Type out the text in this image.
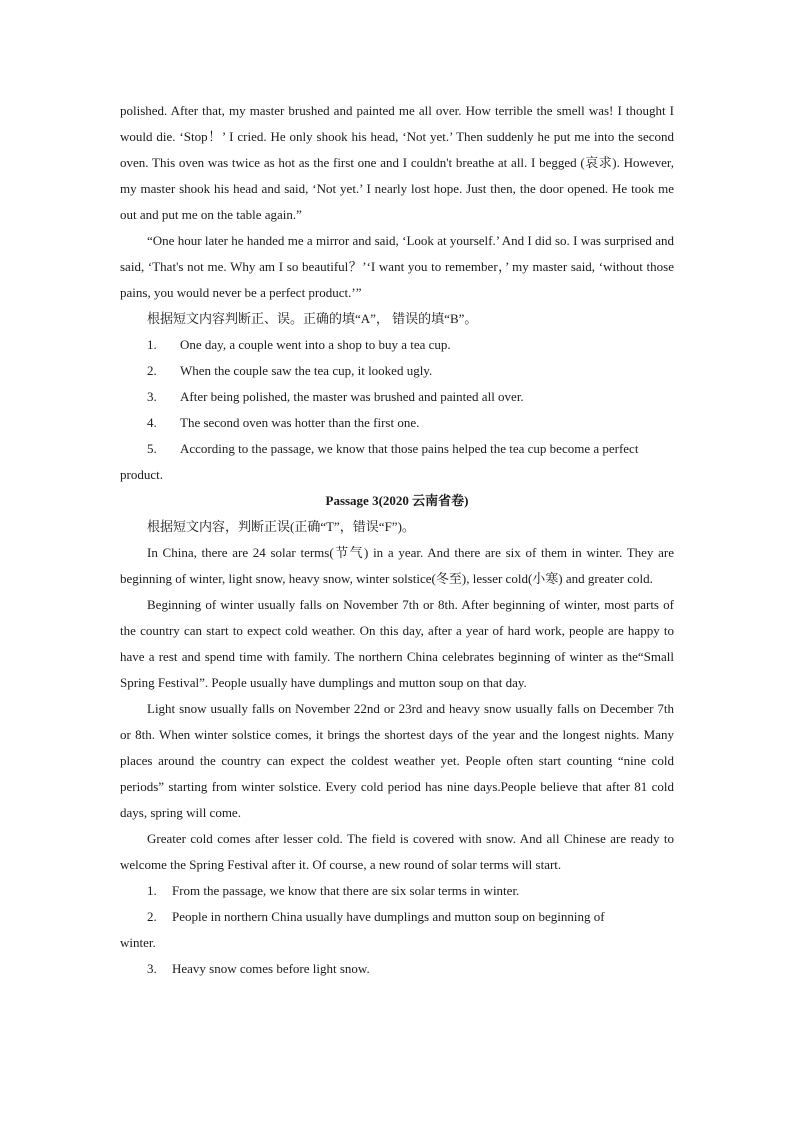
polished. After that, my master brushed and painted me all over. How terrible the smell was! I thought I would die. ‘Stop！’ I cried. He only shook his head, ‘Not yet.’ Then suddenly he put me into the second oven. This oven was twice as hot as the first one and I couldn't breathe at all. I begged (哀求). However, my master shook his head and said, ‘Not yet.’ I nearly lost hope. Just then, the door opened. He took me out and put me on the table again.”

“One hour later he handed me a mirror and said, ‘Look at yourself.’ And I did so. I was surprised and said, ‘That's not me. Why am I so beautiful？’‘I want you to remember，’ my master said, ‘without those pains, you would never be a perfect product.’”

根据短文内容判断正、误。正确的填“A”， 错误的填“B”。

1.	One day, a couple went into a shop to buy a tea cup.
2.	When the couple saw the tea cup, it looked ugly.
3.	After being polished, the master was brushed and painted all over.
4.	The second oven was hotter than the first one.
5.	According to the passage, we know that those pains helped the tea cup become a perfect

product.

Passage 3(2020 云南省卷)

根据短文内容，判断正误(正确“T”，错误“F”)。

In China, there are 24 solar terms(节气) in a year. And there are six of them in winter. They are beginning of winter, light snow, heavy snow, winter solstice(冬至), lesser cold(小寒) and greater cold.

Beginning of winter usually falls on November 7th or 8th. After beginning of winter, most parts of the country can start to expect cold weather. On this day, after a year of hard work, people are happy to have a rest and spend time with family. The northern China celebrates beginning of winter as the“Small Spring Festival”. People usually have dumplings and mutton soup on that day.

Light snow usually falls on November 22nd or 23rd and heavy snow usually falls on December 7th or 8th. When winter solstice comes, it brings the shortest days of the year and the longest nights. Many places around the country can expect the coldest weather yet. People often start counting “nine cold periods” starting from winter solstice. Every cold period has nine days.People believe that after 81 cold days, spring will come.

Greater cold comes after lesser cold. The field is covered with snow. And all Chinese are ready to welcome the Spring Festival after it. Of course, a new round of solar terms will start.

1.	From the passage, we know that there are six solar terms in winter.
2.	People in northern China usually have dumplings and mutton soup on beginning of

winter.

3.	Heavy snow comes before light snow.
